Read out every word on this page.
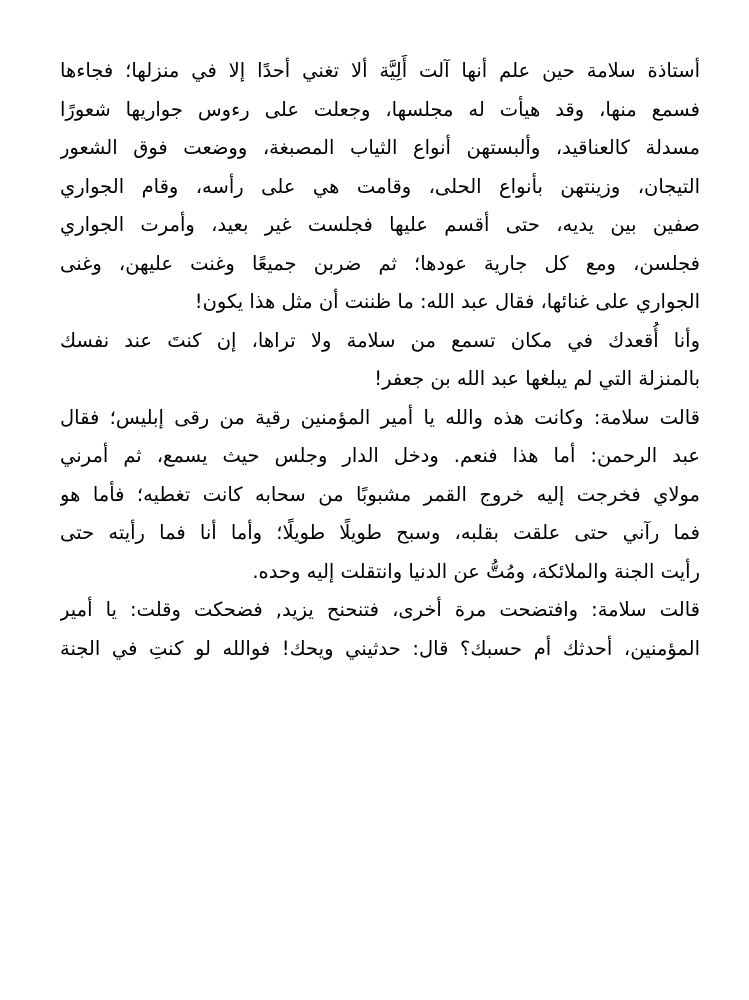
أستاذة سلامة حين علم أنها آلت أَلِيَّة ألا تغني أحدًا إلا في منزلها؛ فجاءها
فسمع منها، وقد هيأت له مجلسها، وجعلت على رءوس جواريها شعورًا
مسدلة كالعناقيد، وألبستهن أنواع الثياب المصبغة، ووضعت فوق الشعور
التيجان، وزينتهن بأنواع الحلى، وقامت هي على رأسه، وقام الجواري
صفين بين يديه، حتى أقسم عليها فجلست غير بعيد، وأمرت الجواري
فجلسن، ومع كل جارية عودها؛ ثم ضربن جميعًا وغنت عليهن، وغنى
الجواري على غنائها، فقال عبد الله: ما ظننت أن مثل هذا يكون!
وأنا أُقعدك في مكان تسمع من سلامة ولا تراها، إن كنتَ عند نفسك
بالمنزلة التي لم يبلغها عبد الله بن جعفر!
قالت سلامة: وكانت هذه والله يا أمير المؤمنين رقية من رقى إبليس؛ فقال
عبد الرحمن: أما هذا فنعم. ودخل الدار وجلس حيث يسمع، ثم أمرني
مولاي فخرجت إليه خروج القمر مشبوبًا من سحابه كانت تغطيه؛ فأما هو
فما رآني حتى علقت بقلبه، وسبح طويلًا طويلًا؛ وأما أنا فما رأيته حتى
رأيت الجنة والملائكة، ومُتُّ عن الدنيا وانتقلت إليه وحده.
قالت سلامة: وافتضحت مرة أخرى، فتنحنح يزيد, فضحكت وقلت: يا أمير
المؤمنين، أحدثك أم حسبك؟ قال: حدثيني ويحك! فوالله لو كنتِ في الجنة
